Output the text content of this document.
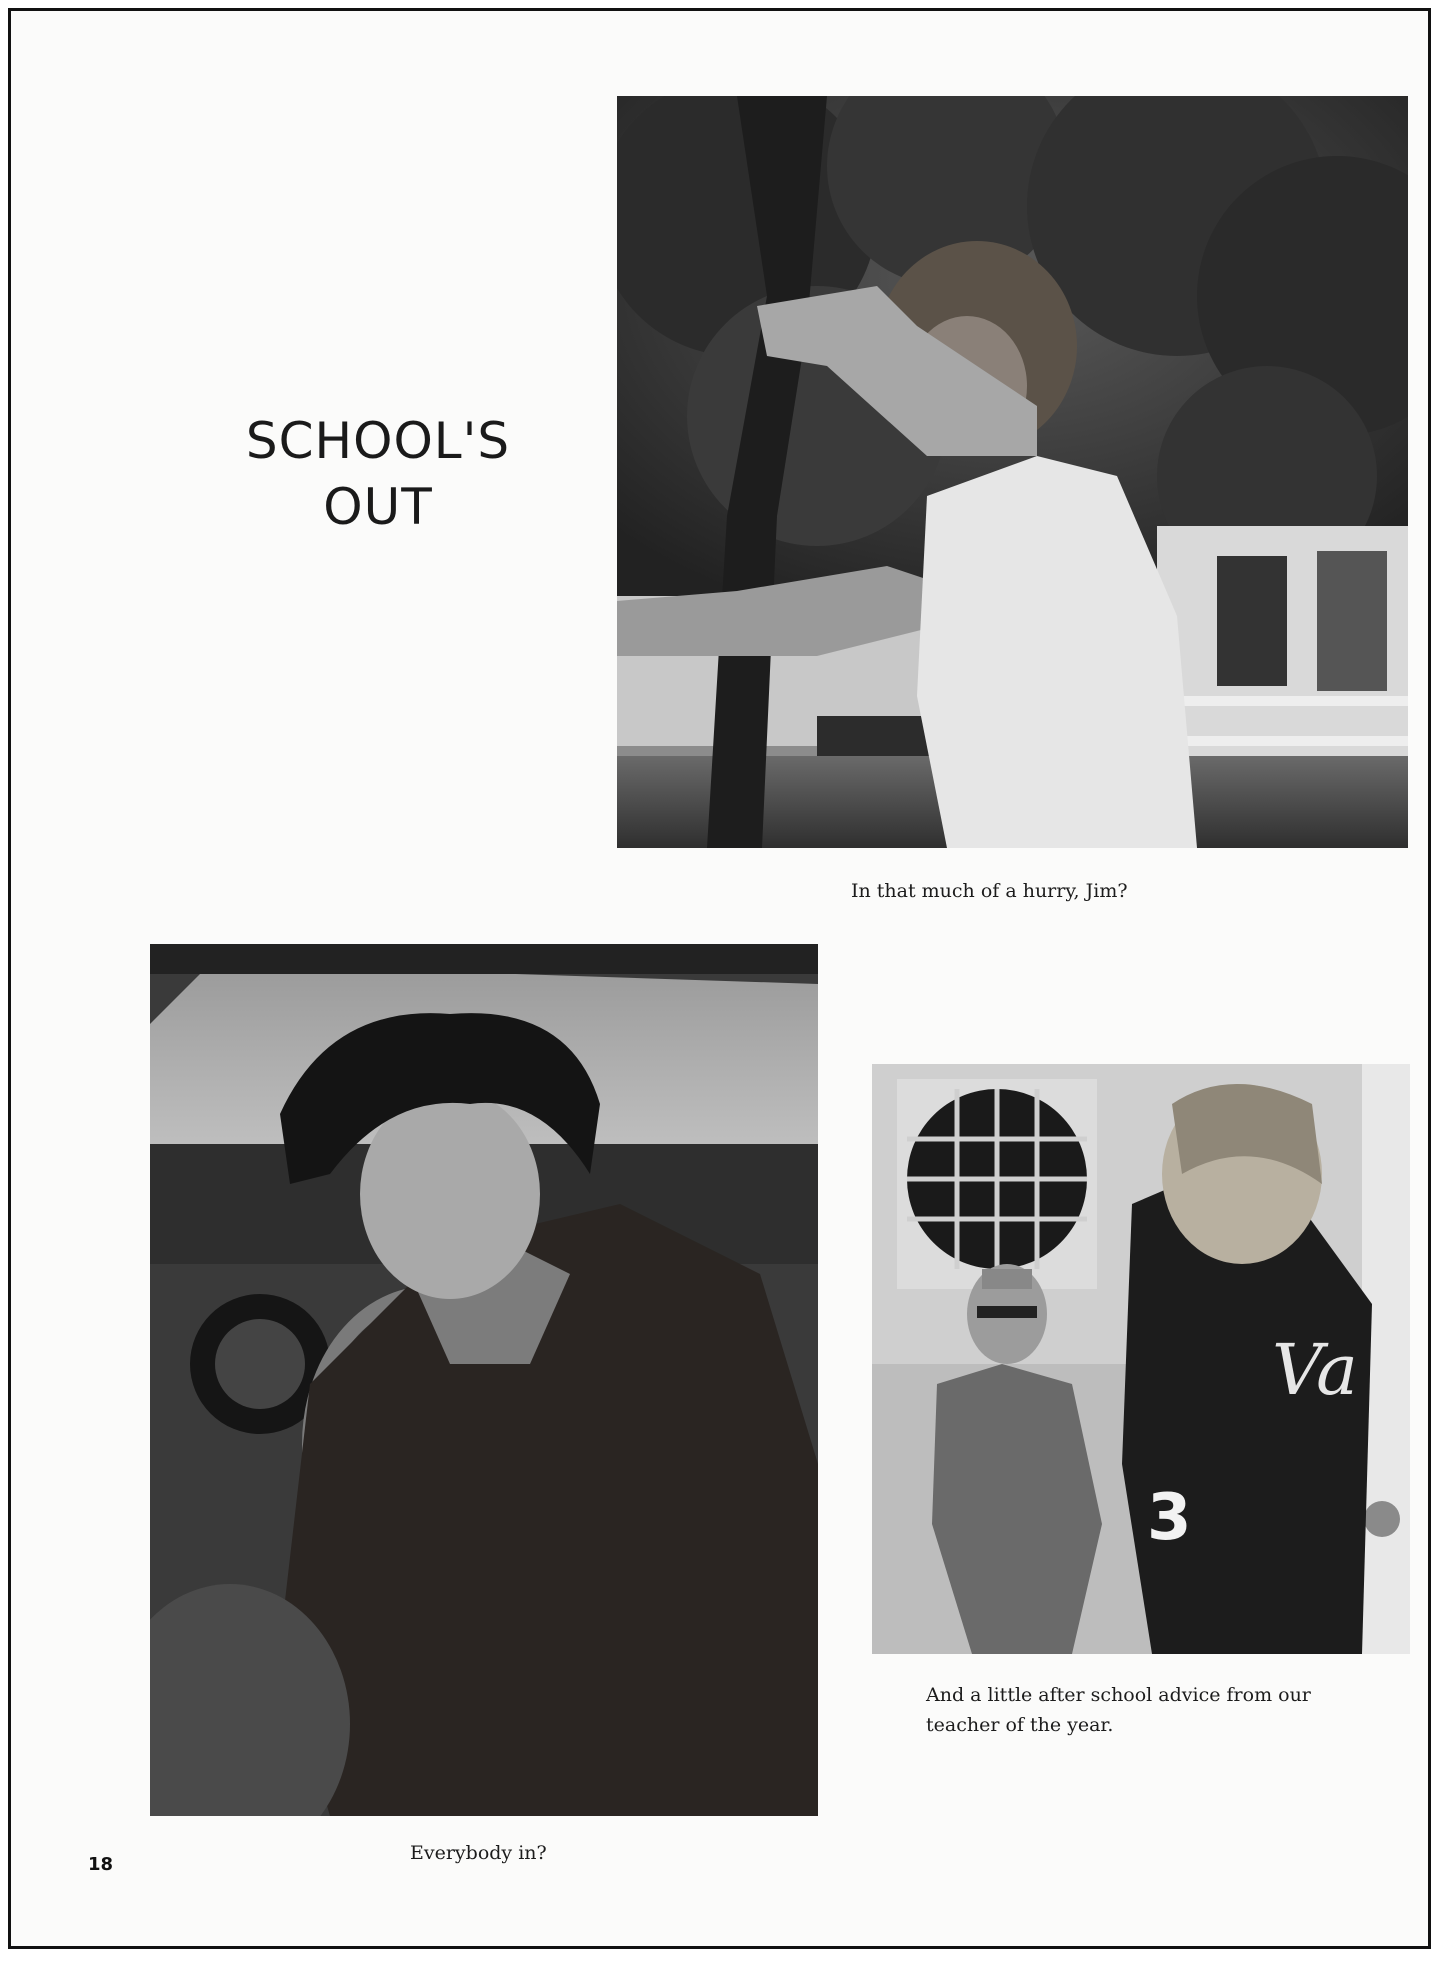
SCHOOL'S
OUT
In that much of a hurry, Jim?
Everybody in?
Va
3
And a little after school advice from our teacher of the year.
18
